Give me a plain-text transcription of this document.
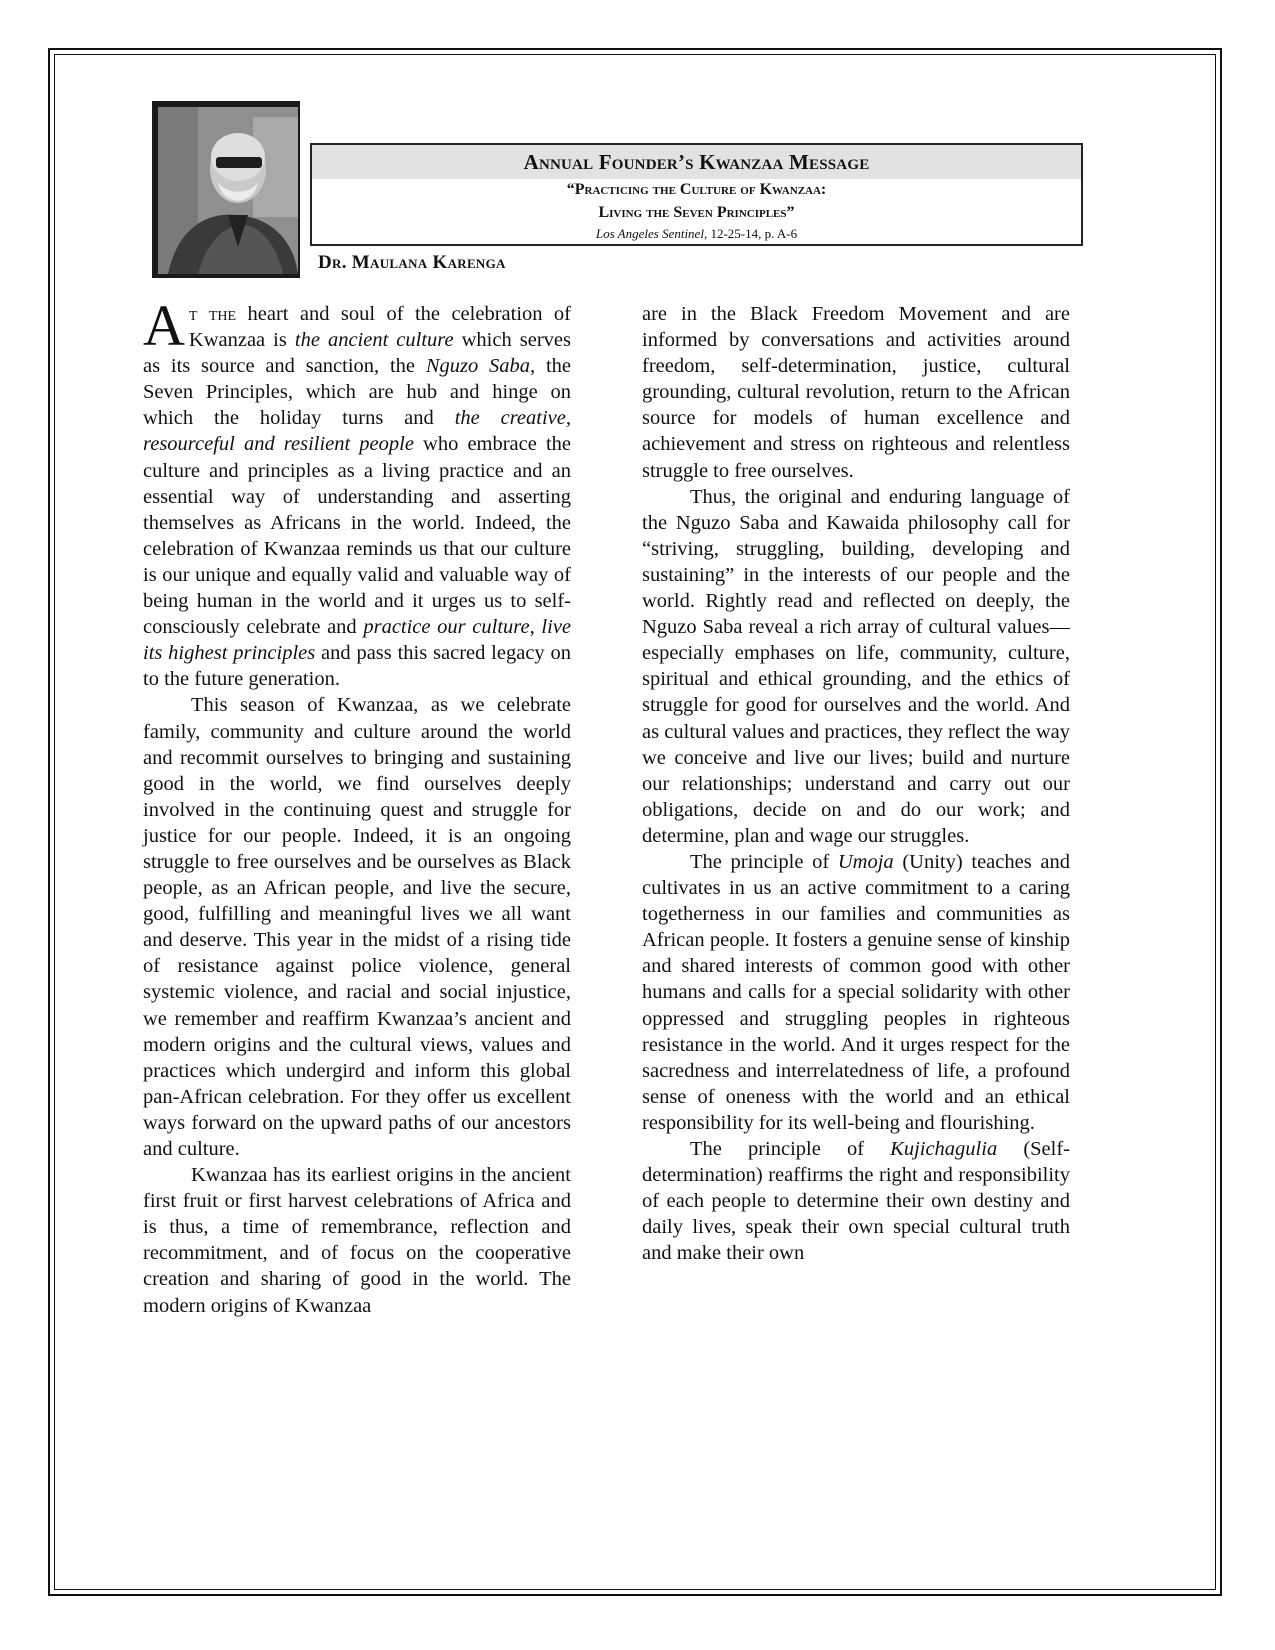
Annual Founder’s Kwanzaa Message
“Practicing the Culture of Kwanzaa:
Living the Seven Principles”
Los Angeles Sentinel, 12-25-14, p. A-6
Dr. Maulana Karenga

At the heart and soul of the celebration of Kwanzaa is the ancient culture which serves as its source and sanction, the Nguzo Saba, the Seven Principles, which are hub and hinge on which the holiday turns and the creative, resourceful and resilient people who embrace the culture and principles as a living practice and an essential way of understanding and asserting themselves as Africans in the world. Indeed, the celebration of Kwanzaa reminds us that our culture is our unique and equally valid and valuable way of being human in the world and it urges us to self-consciously celebrate and practice our culture, live its highest principles and pass this sacred legacy on to the future generation.

This season of Kwanzaa, as we celebrate family, community and culture around the world and recommit ourselves to bringing and sustaining good in the world, we find ourselves deeply involved in the continuing quest and struggle for justice for our people. Indeed, it is an ongoing struggle to free ourselves and be ourselves as Black people, as an African people, and live the secure, good, fulfilling and meaningful lives we all want and deserve. This year in the midst of a rising tide of resistance against police violence, general systemic violence, and racial and social injustice, we remember and reaffirm Kwanzaa’s ancient and modern origins and the cultural views, values and practices which undergird and inform this global pan-African celebration. For they offer us excellent ways forward on the upward paths of our ancestors and culture.

Kwanzaa has its earliest origins in the ancient first fruit or first harvest celebrations of Africa and is thus, a time of remembrance, reflection and recommitment, and of focus on the cooperative creation and sharing of good in the world. The modern origins of Kwanzaa

are in the Black Freedom Movement and are informed by conversations and activities around freedom, self-determination, justice, cultural grounding, cultural revolution, return to the African source for models of human excellence and achievement and stress on righteous and relentless struggle to free ourselves.

Thus, the original and enduring language of the Nguzo Saba and Kawaida philosophy call for “striving, struggling, building, developing and sustaining” in the interests of our people and the world. Rightly read and reflected on deeply, the Nguzo Saba reveal a rich array of cultural values—especially emphases on life, community, culture, spiritual and ethical grounding, and the ethics of struggle for good for ourselves and the world. And as cultural values and practices, they reflect the way we conceive and live our lives; build and nurture our relationships; understand and carry out our obligations, decide on and do our work; and determine, plan and wage our struggles.

The principle of Umoja (Unity) teaches and cultivates in us an active commitment to a caring togetherness in our families and communities as African people. It fosters a genuine sense of kinship and shared interests of common good with other humans and calls for a special solidarity with other oppressed and struggling peoples in righteous resistance in the world. And it urges respect for the sacredness and interrelatedness of life, a profound sense of oneness with the world and an ethical responsibility for its well-being and flourishing.

The principle of Kujichagulia (Self-determination) reaffirms the right and responsibility of each people to determine their own destiny and daily lives, speak their own special cultural truth and make their own
